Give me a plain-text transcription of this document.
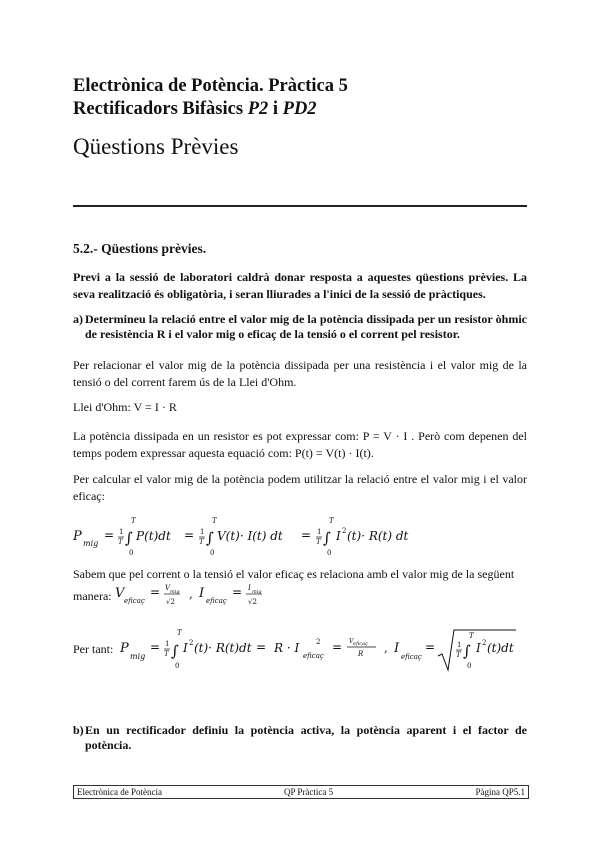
Electrònica de Potència. Pràctica 5
Rectificadors Bifàsics P2 i PD2
Qüestions Prèvies
5.2.- Qüestions prèvies.
Previ a la sessió de laboratori caldrà donar resposta a aquestes qüestions prèvies. La seva realització és obligatòria, i seran lliurades a l'inici de la sessió de pràctiques.
a) Determineu la relació entre el valor mig de la potència dissipada per un resistor òhmic de resistència R i el valor mig o eficaç de la tensió o el corrent pel resistor.
Per relacionar el valor mig de la potència dissipada per una resistència i el valor mig de la tensió o del corrent farem ús de la Llei d'Ohm.
Llei d'Ohm: V = I · R
La potència dissipada en un resistor es pot expressar com: P = V · I . Però com depenen del temps podem expressar aquesta equació com: P(t) = V(t) · I(t).
Per calcular el valor mig de la potència podem utilitzar la relació entre el valor mig i el valor eficaç:
P mig
= 1
T ∫
T
0
P(t)dt = 1
T ∫
T
0
V(t)· I(t) dt = 1
T ∫
T
0
I 2 (t)· R(t) dt
Sabem que pel corrent o la tensió el valor eficaç es relaciona amb el valor mig de la següent
manera: V eficaç
= V mig
√2
, I eficaç
= I mig
√2
Per tant: P
mig
= 1
T ∫
T
0
I 2 (t)· R(t)dt = R · I
eficaç
2 = V eficaç
R , I
eficaç
=	1
T ∫
T
0
I 2 (t)dt
b) En un rectificador definiu la potència activa, la potència aparent i el factor de potència.
Electrònica de Potència	QP Pràctica 5	Pàgina QP5.1
